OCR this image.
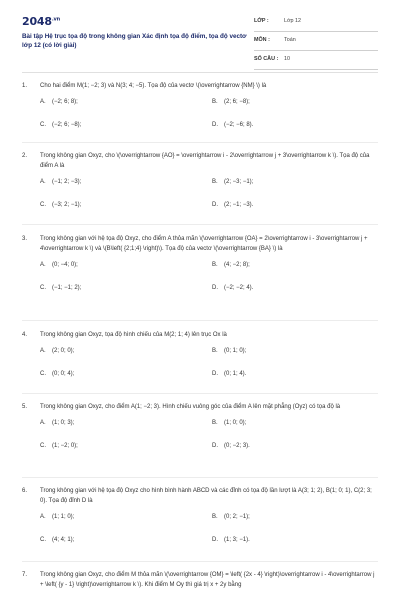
$2048^{.vn}$
Bài tập Hệ trục tọa độ trong không gian Xác định tọa độ điểm, tọa độ vectơ lớp 12 (có lời giải)
LỚP :	Lớp 12
MÔN :	Toán
SỐ CÂU : 10
1. Cho hai điểm M(1; −2; 3) và N(3; 4; −5). Tọa độ của vectơ \(\overrightarrow {NM} \) là
A. (−2; 6; 8);	B. (2; 6; −8);
C. (−2; 6; −8);	D. (−2; −6; 8).
2. Trong không gian Oxyz, cho \(\overrightarrow {AO} = \overrightarrow i - 2\overrightarrow j + 3\overrightarrow k \). Tọa độ của điểm A là
A. (−1; 2; −3);	B. (2; −3; −1);
C. (−3; 2; −1);	D. (2; −1; −3).
3. Trong không gian với hệ tọa độ Oxyz, cho điểm A thỏa mãn \(\overrightarrow {OA} = 2\overrightarrow i - 3\overrightarrow j + 4\overrightarrow k \) và \(B\left( {2;1;4} \right)\). Tọa độ của vectơ \(\overrightarrow {BA} \) là
A. (0; −4; 0);	B. (4; −2; 8);
C. (−1; −1; 2);	D. (−2; −2; 4).
4. Trong không gian Oxyz, tọa độ hình chiếu của M(2; 1; 4) lên trục Ox là
A. (2; 0; 0);	B. (0; 1; 0);
C. (0; 0; 4);	D. (0; 1; 4).
5. Trong không gian Oxyz, cho điểm A(1; −2; 3). Hình chiếu vuông góc của điểm A lên mặt phẳng (Oyz) có tọa độ là
A. (1; 0; 3);	B. (1; 0; 0);
C. (1; −2; 0);	D. (0; −2; 3).
6. Trong không gian với hệ tọa độ Oxyz cho hình bình hành ABCD và các đỉnh có tọa độ lần lượt là A(3; 1; 2), B(1; 0; 1), C(2; 3; 0). Tọa độ đỉnh D là
A. (1; 1; 0);	B. (0; 2; −1);
C. (4; 4; 1);	D. (1; 3; −1).
7. Trong không gian Oxyz, cho điểm M thỏa mãn \(\overrightarrow {OM} = \left( {2x - 4} \right)\overrightarrow i - 4\overrightarrow j + \left( {y - 1} \right)\overrightarrow k \). Khi điểm M Oy thì giá trị x + 2y bằng
